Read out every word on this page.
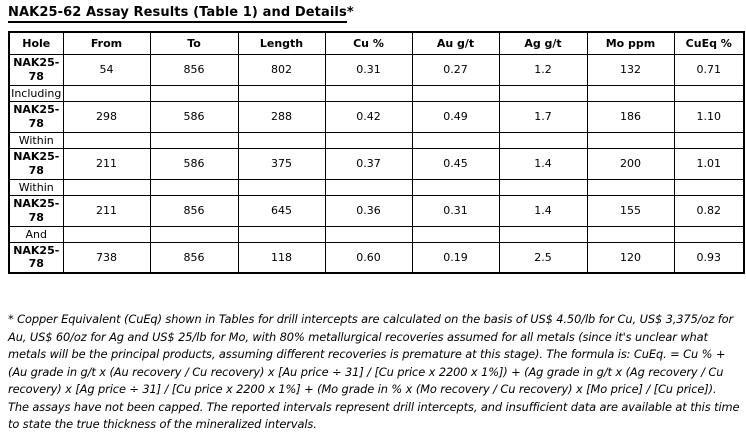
NAK25-62 Assay Results (Table 1) and Details*
Hole	From	To	Length	Cu %	Au g/t	Ag g/t	Mo ppm	CuEq %
NAK25-78	54	856	802	0.31	0.27	1.2	132	0.71
Including								
NAK25-78	298	586	288	0.42	0.49	1.7	186	1.10
Within								
NAK25-78	211	586	375	0.37	0.45	1.4	200	1.01
Within								
NAK25-78	211	856	645	0.36	0.31	1.4	155	0.82
And								
NAK25-78	738	856	118	0.60	0.19	2.5	120	0.93
* Copper Equivalent (CuEq) shown in Tables for drill intercepts are calculated on the basis of US$ 4.50/lb for Cu, US$ 3,375/oz for
Au, US$ 60/oz for Ag and US$ 25/lb for Mo, with 80% metallurgical recoveries assumed for all metals (since it's unclear what
metals will be the principal products, assuming different recoveries is premature at this stage). The formula is: CuEq. = Cu % +
(Au grade in g/t x (Au recovery / Cu recovery) x [Au price ÷ 31] / [Cu price x 2200 x 1%]) + (Ag grade in g/t x (Ag recovery / Cu
recovery) x [Ag price ÷ 31] / [Cu price x 2200 x 1%] + (Mo grade in % x (Mo recovery / Cu recovery) x [Mo price] / [Cu price]).
The assays have not been capped. The reported intervals represent drill intercepts, and insufficient data are available at this time
to state the true thickness of the mineralized intervals.
